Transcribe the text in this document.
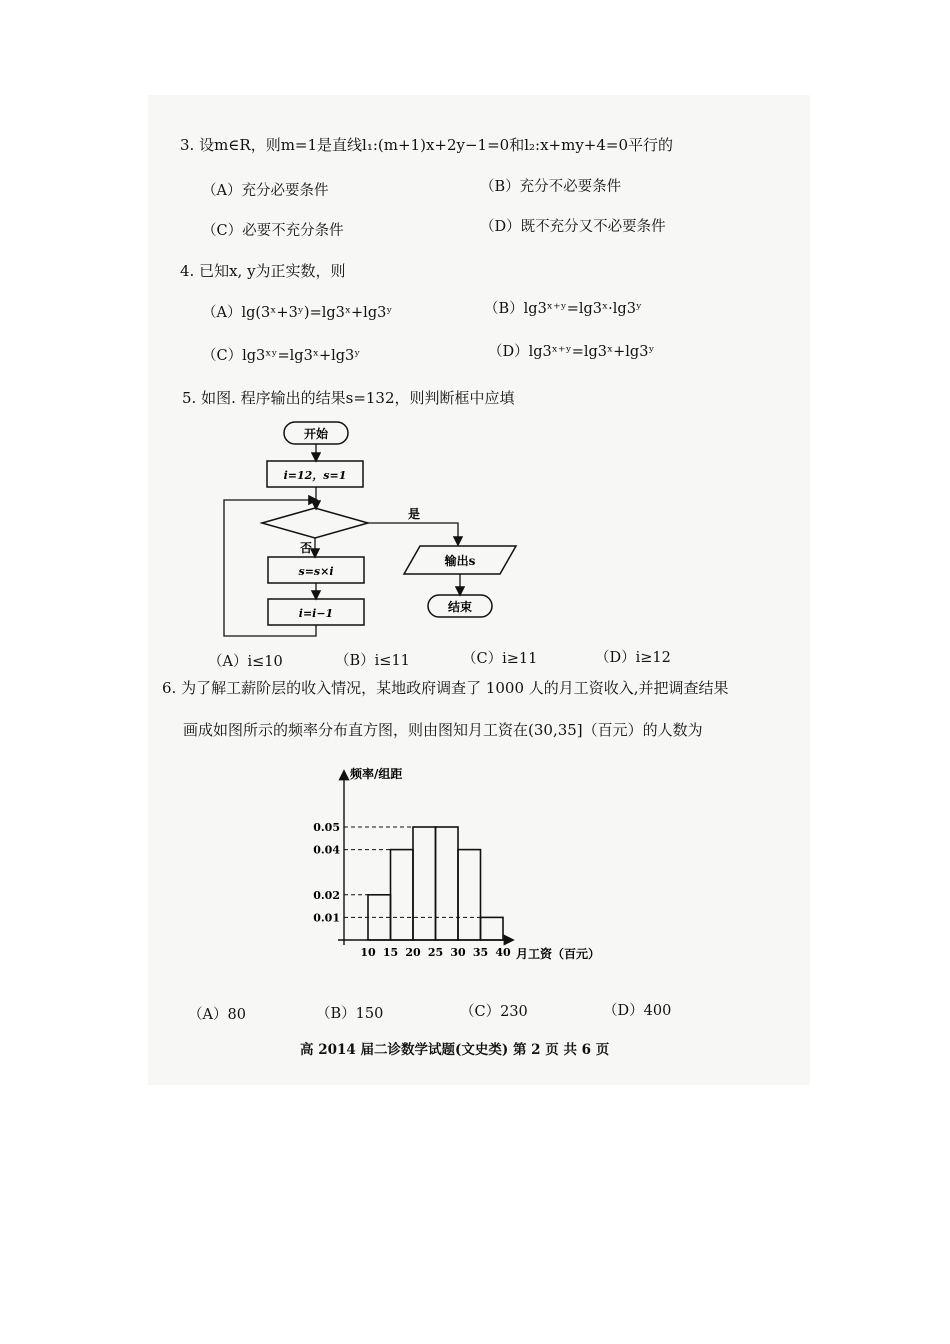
3. 设m∈R，则m=1是直线l₁:(m+1)x+2y−1=0和l₂:x+my+4=0平行的
（A）充分必要条件	（B）充分不必要条件
（C）必要不充分条件	（D）既不充分又不必要条件
4. 已知x, y为正实数，则
（A）lg(3ˣ+3ʸ)=lg3ˣ+lg3ʸ	（B）lg3ˣ⁺ʸ=lg3ˣ·lg3ʸ
（C）lg3ˣʸ=lg3ˣ+lg3ʸ	（D）lg3ˣ⁺ʸ=lg3ˣ+lg3ʸ
5. 如图. 程序输出的结果s=132，则判断框中应填
开始
i=12，s=1
是
输出s
结束
否
s=s×i
i=i−1
（A）i≤10	（B）i≤11	（C）i≥11	（D）i≥12
6. 为了解工薪阶层的收入情况，某地政府调查了 1000 人的月工资收入,并把调查结果
画成如图所示的频率分布直方图，则由图知月工资在(30,35]（百元）的人数为
频率/组距
月工资（百元）
0.01
0.02
0.04
0.05
10 15 20 25 30 35 40
（A）80	（B）150	（C）230	（D）400
高 2014 届二诊数学试题(文史类) 第 2 页 共 6 页
